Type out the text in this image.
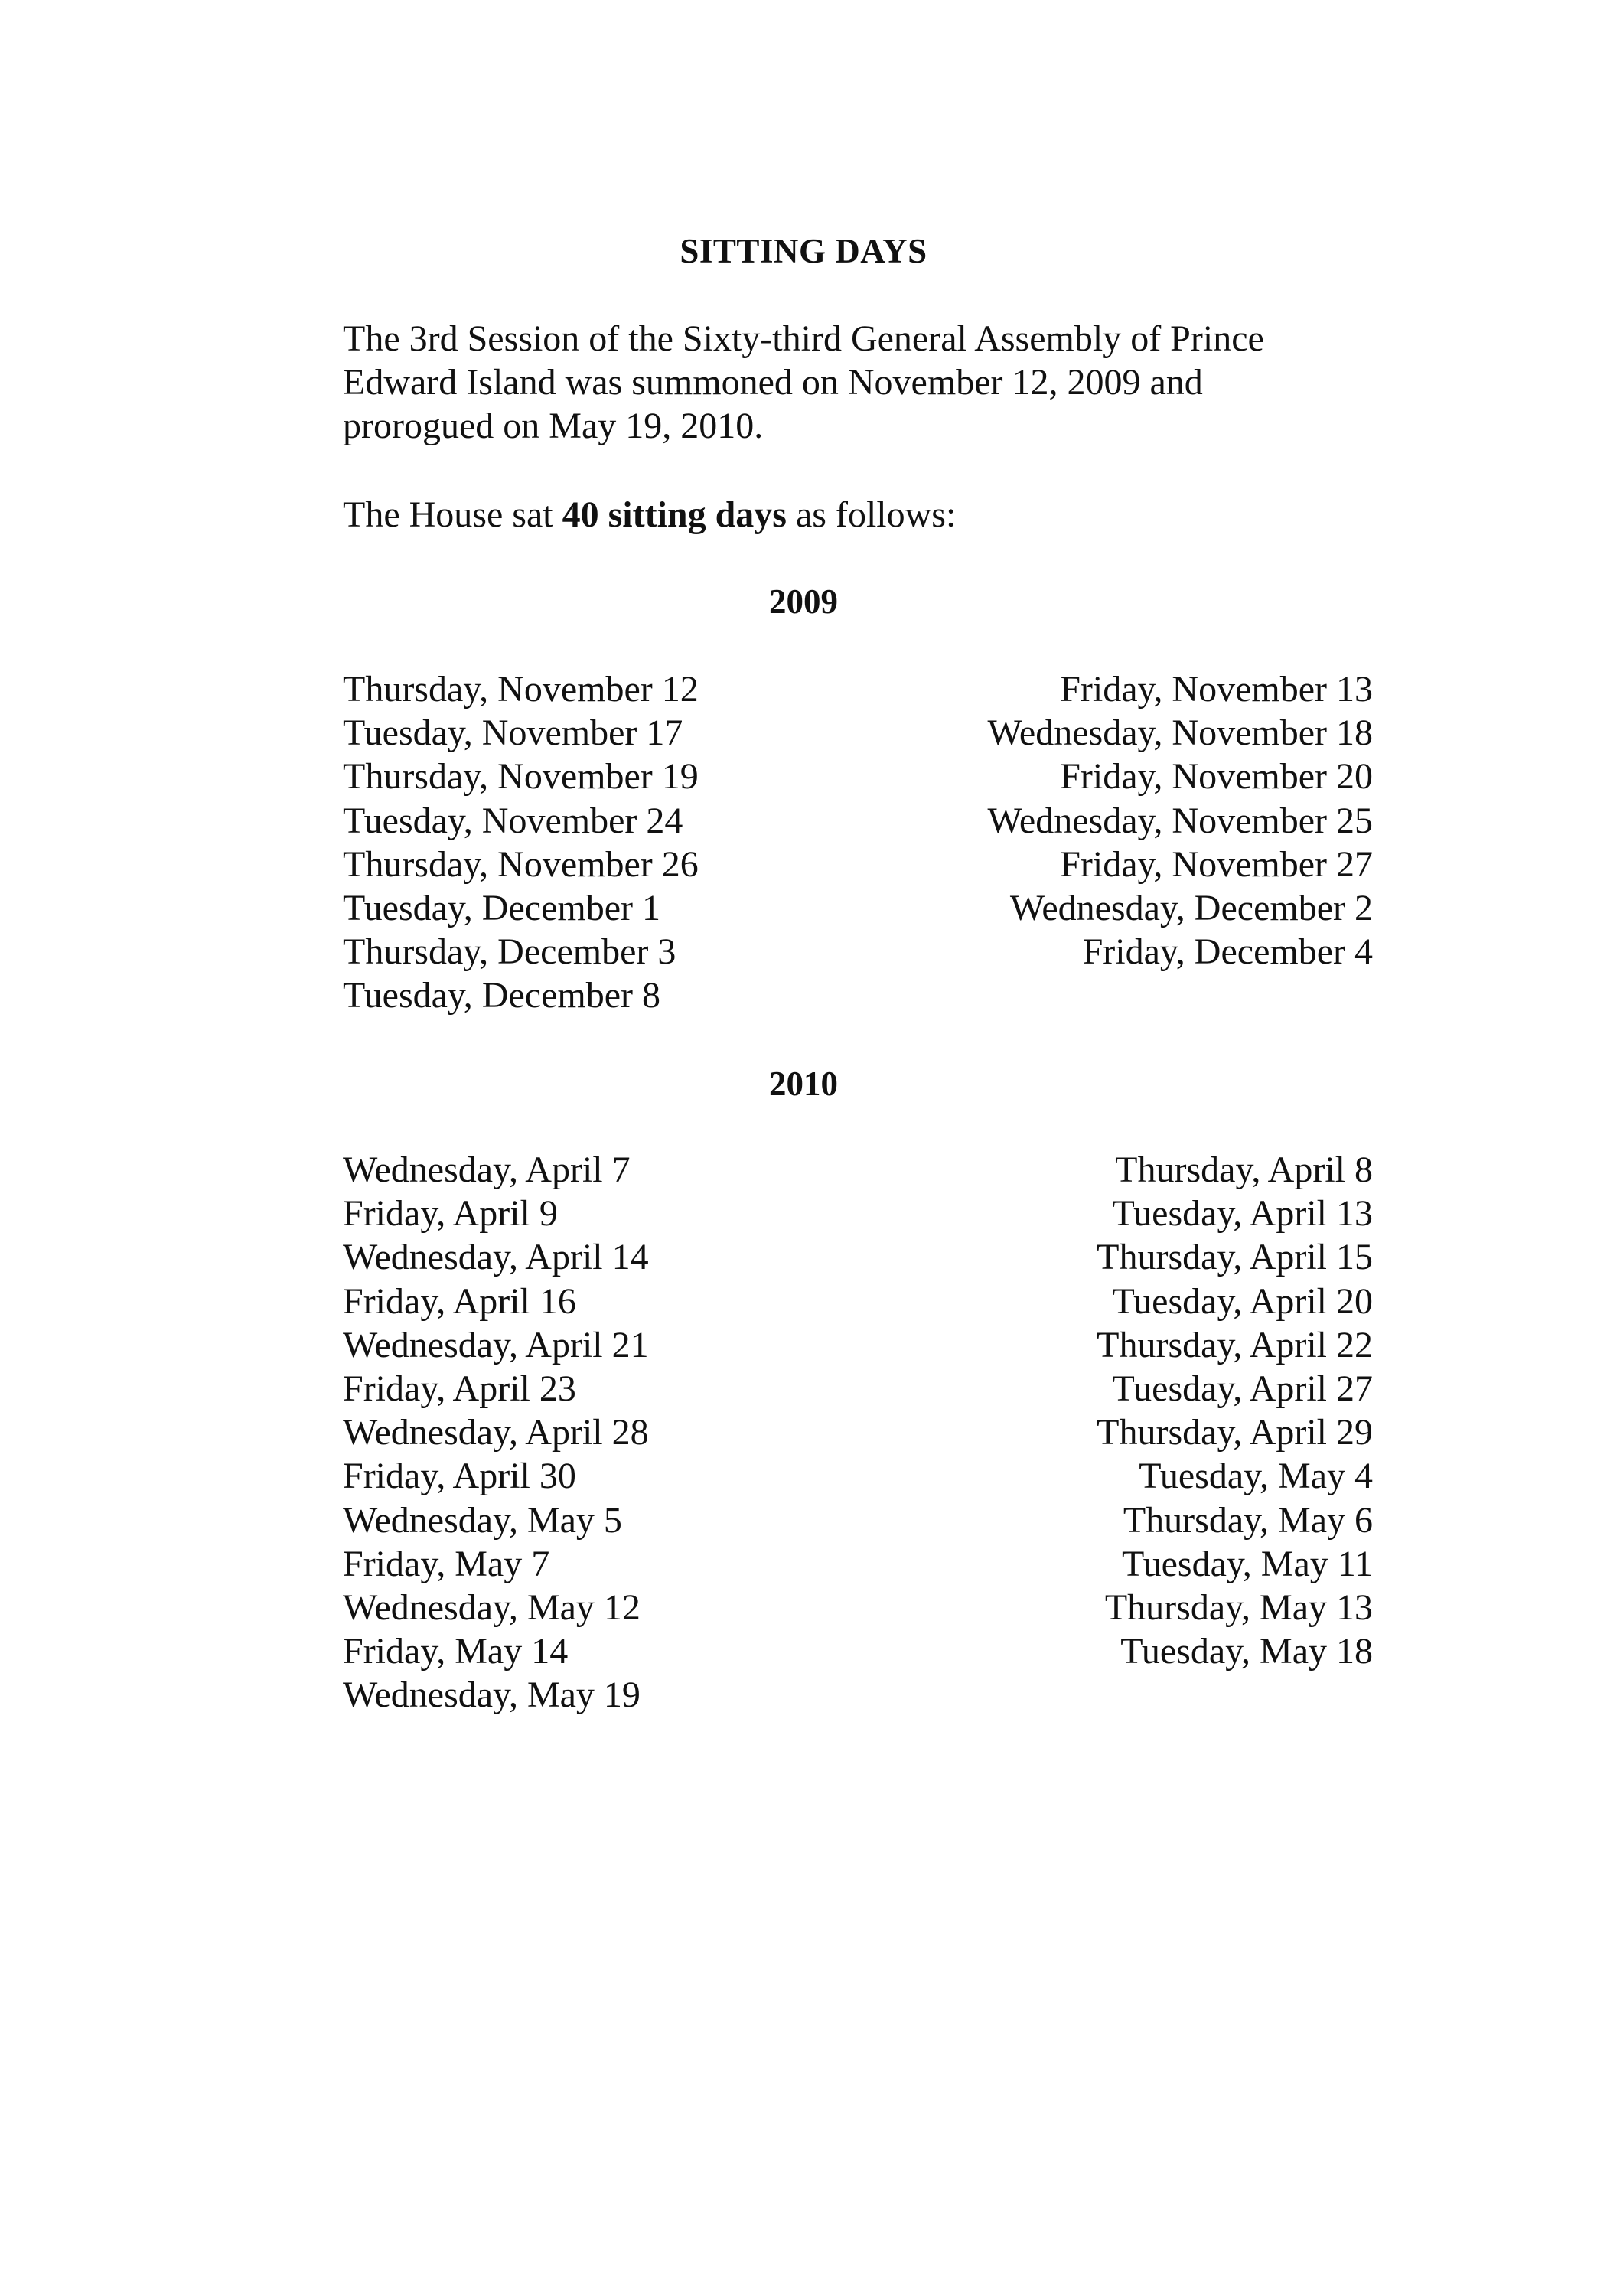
SITTING DAYS

The 3rd Session of the Sixty-third General Assembly of Prince
Edward Island was summoned on November 12, 2009 and
prorogued on May 19, 2010.

The House sat 40 sitting days as follows:

2009
Thursday, November 12	Friday, November 13
Tuesday, November 17	Wednesday, November 18
Thursday, November 19	Friday, November 20
Tuesday, November 24	Wednesday, November 25
Thursday, November 26	Friday, November 27
Tuesday, December 1	Wednesday, December 2
Thursday, December 3	Friday, December 4
Tuesday, December 8
2010
Wednesday, April 7	Thursday, April 8
Friday, April 9	Tuesday, April 13
Wednesday, April 14	Thursday, April 15
Friday, April 16	Tuesday, April 20
Wednesday, April 21	Thursday, April 22
Friday, April 23	Tuesday, April 27
Wednesday, April 28	Thursday, April 29
Friday, April 30	Tuesday, May 4
Wednesday, May 5	Thursday, May 6
Friday, May 7	Tuesday, May 11
Wednesday, May 12	Thursday, May 13
Friday, May 14	Tuesday, May 18
Wednesday, May 19
